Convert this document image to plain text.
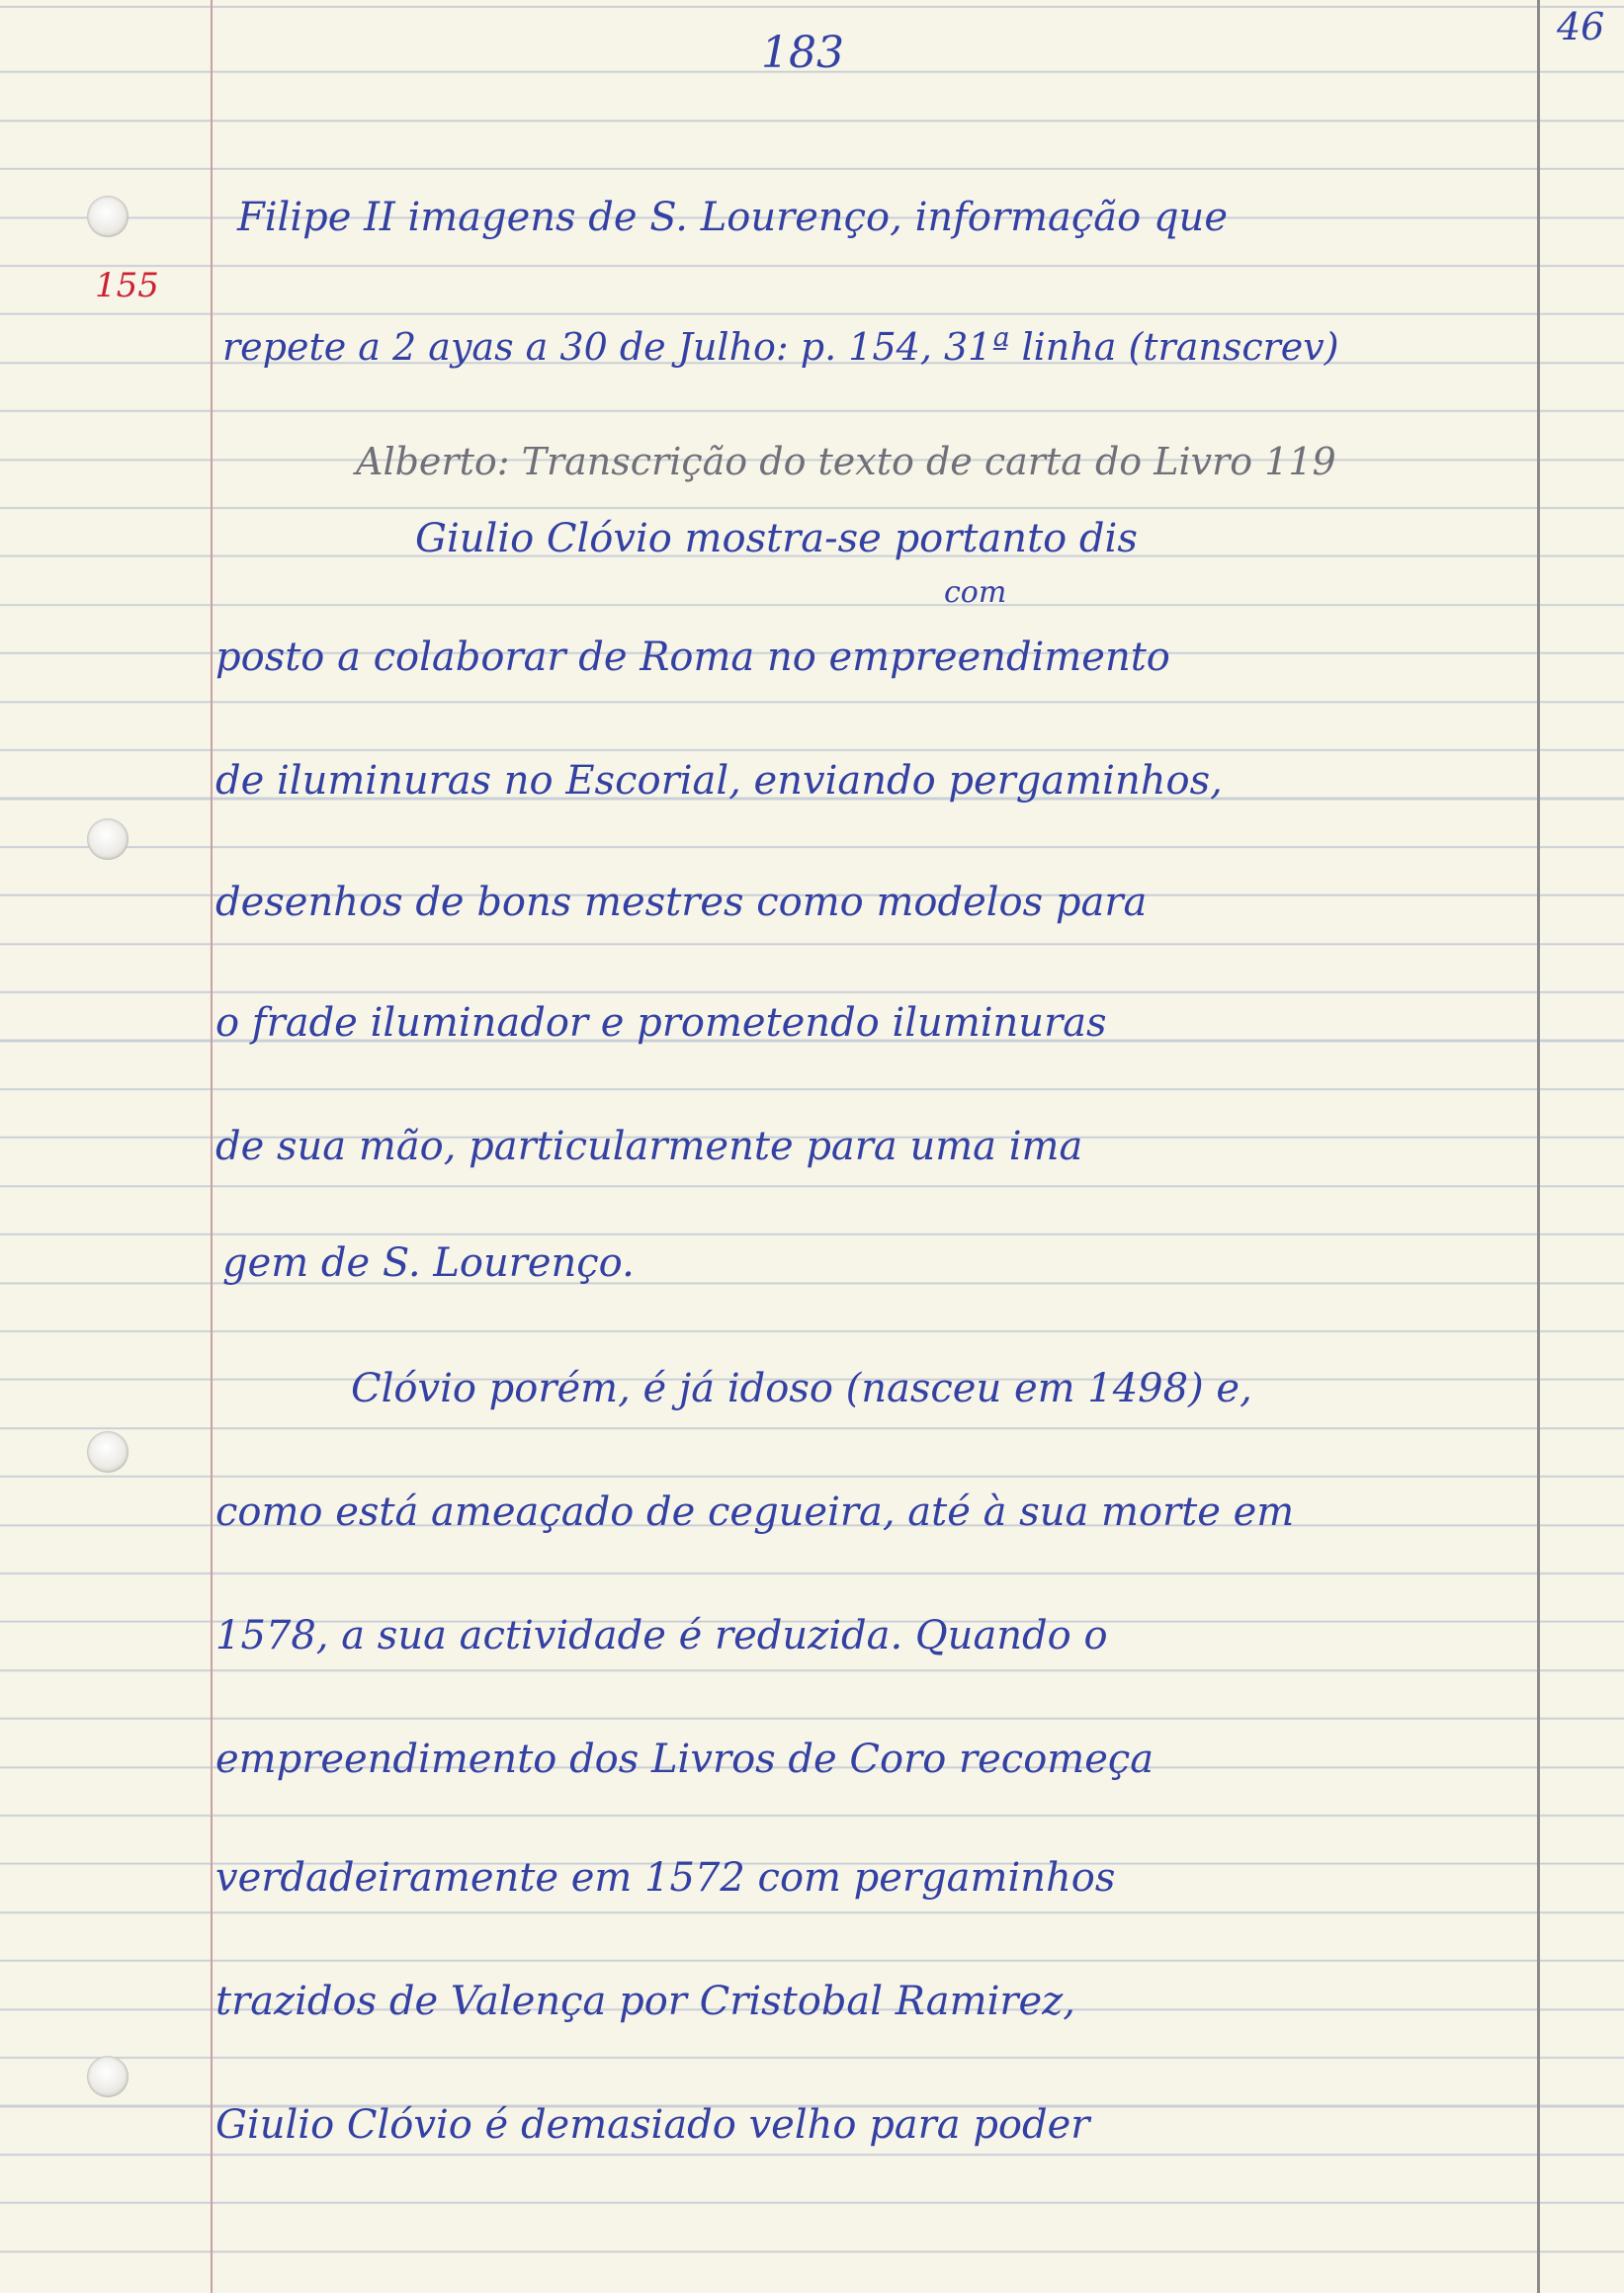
183
46
155
Filipe II imagens de S. Lourenço, informação que
repete a 2 ayas a 30 de Julho: p. 154, 31ª linha (transcrev)
Alberto: Transcrição do texto de carta do Livro 119
Giulio Clóvio mostra-se portanto dis
com
posto a colaborar de Roma no empreendimento
de iluminuras no Escorial, enviando pergaminhos,
desenhos de bons mestres como modelos para
o frade iluminador e prometendo iluminuras
de sua mão, particularmente para uma ima
gem de S. Lourenço.
Clóvio porém, é já idoso (nasceu em 1498) e,
como está ameaçado de cegueira, até à sua morte em
1578, a sua actividade é reduzida. Quando o
empreendimento dos Livros de Coro recomeça
verdadeiramente em 1572 com pergaminhos
trazidos de Valença por Cristobal Ramirez,
Giulio Clóvio é demasiado velho para poder
